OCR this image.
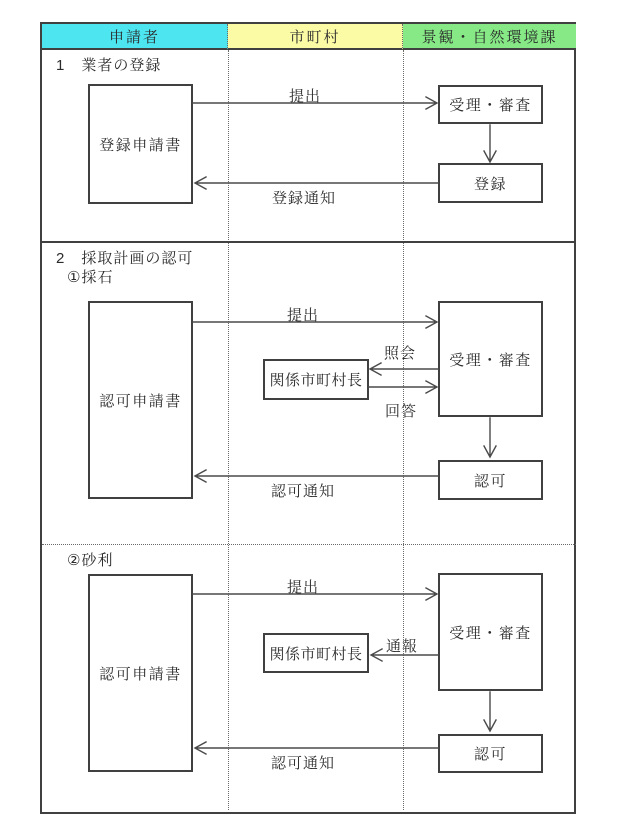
申請者	市町村	景観・自然環境課
1　業者の登録
登録申請書
受理・審査
登録
提出
登録通知
2　採取計画の認可
①採石
認可申請書
受理・審査
関係市町村長
認可
提出
照会
回答
認可通知
②砂利
認可申請書
受理・審査
関係市町村長
認可
提出
通報
認可通知
